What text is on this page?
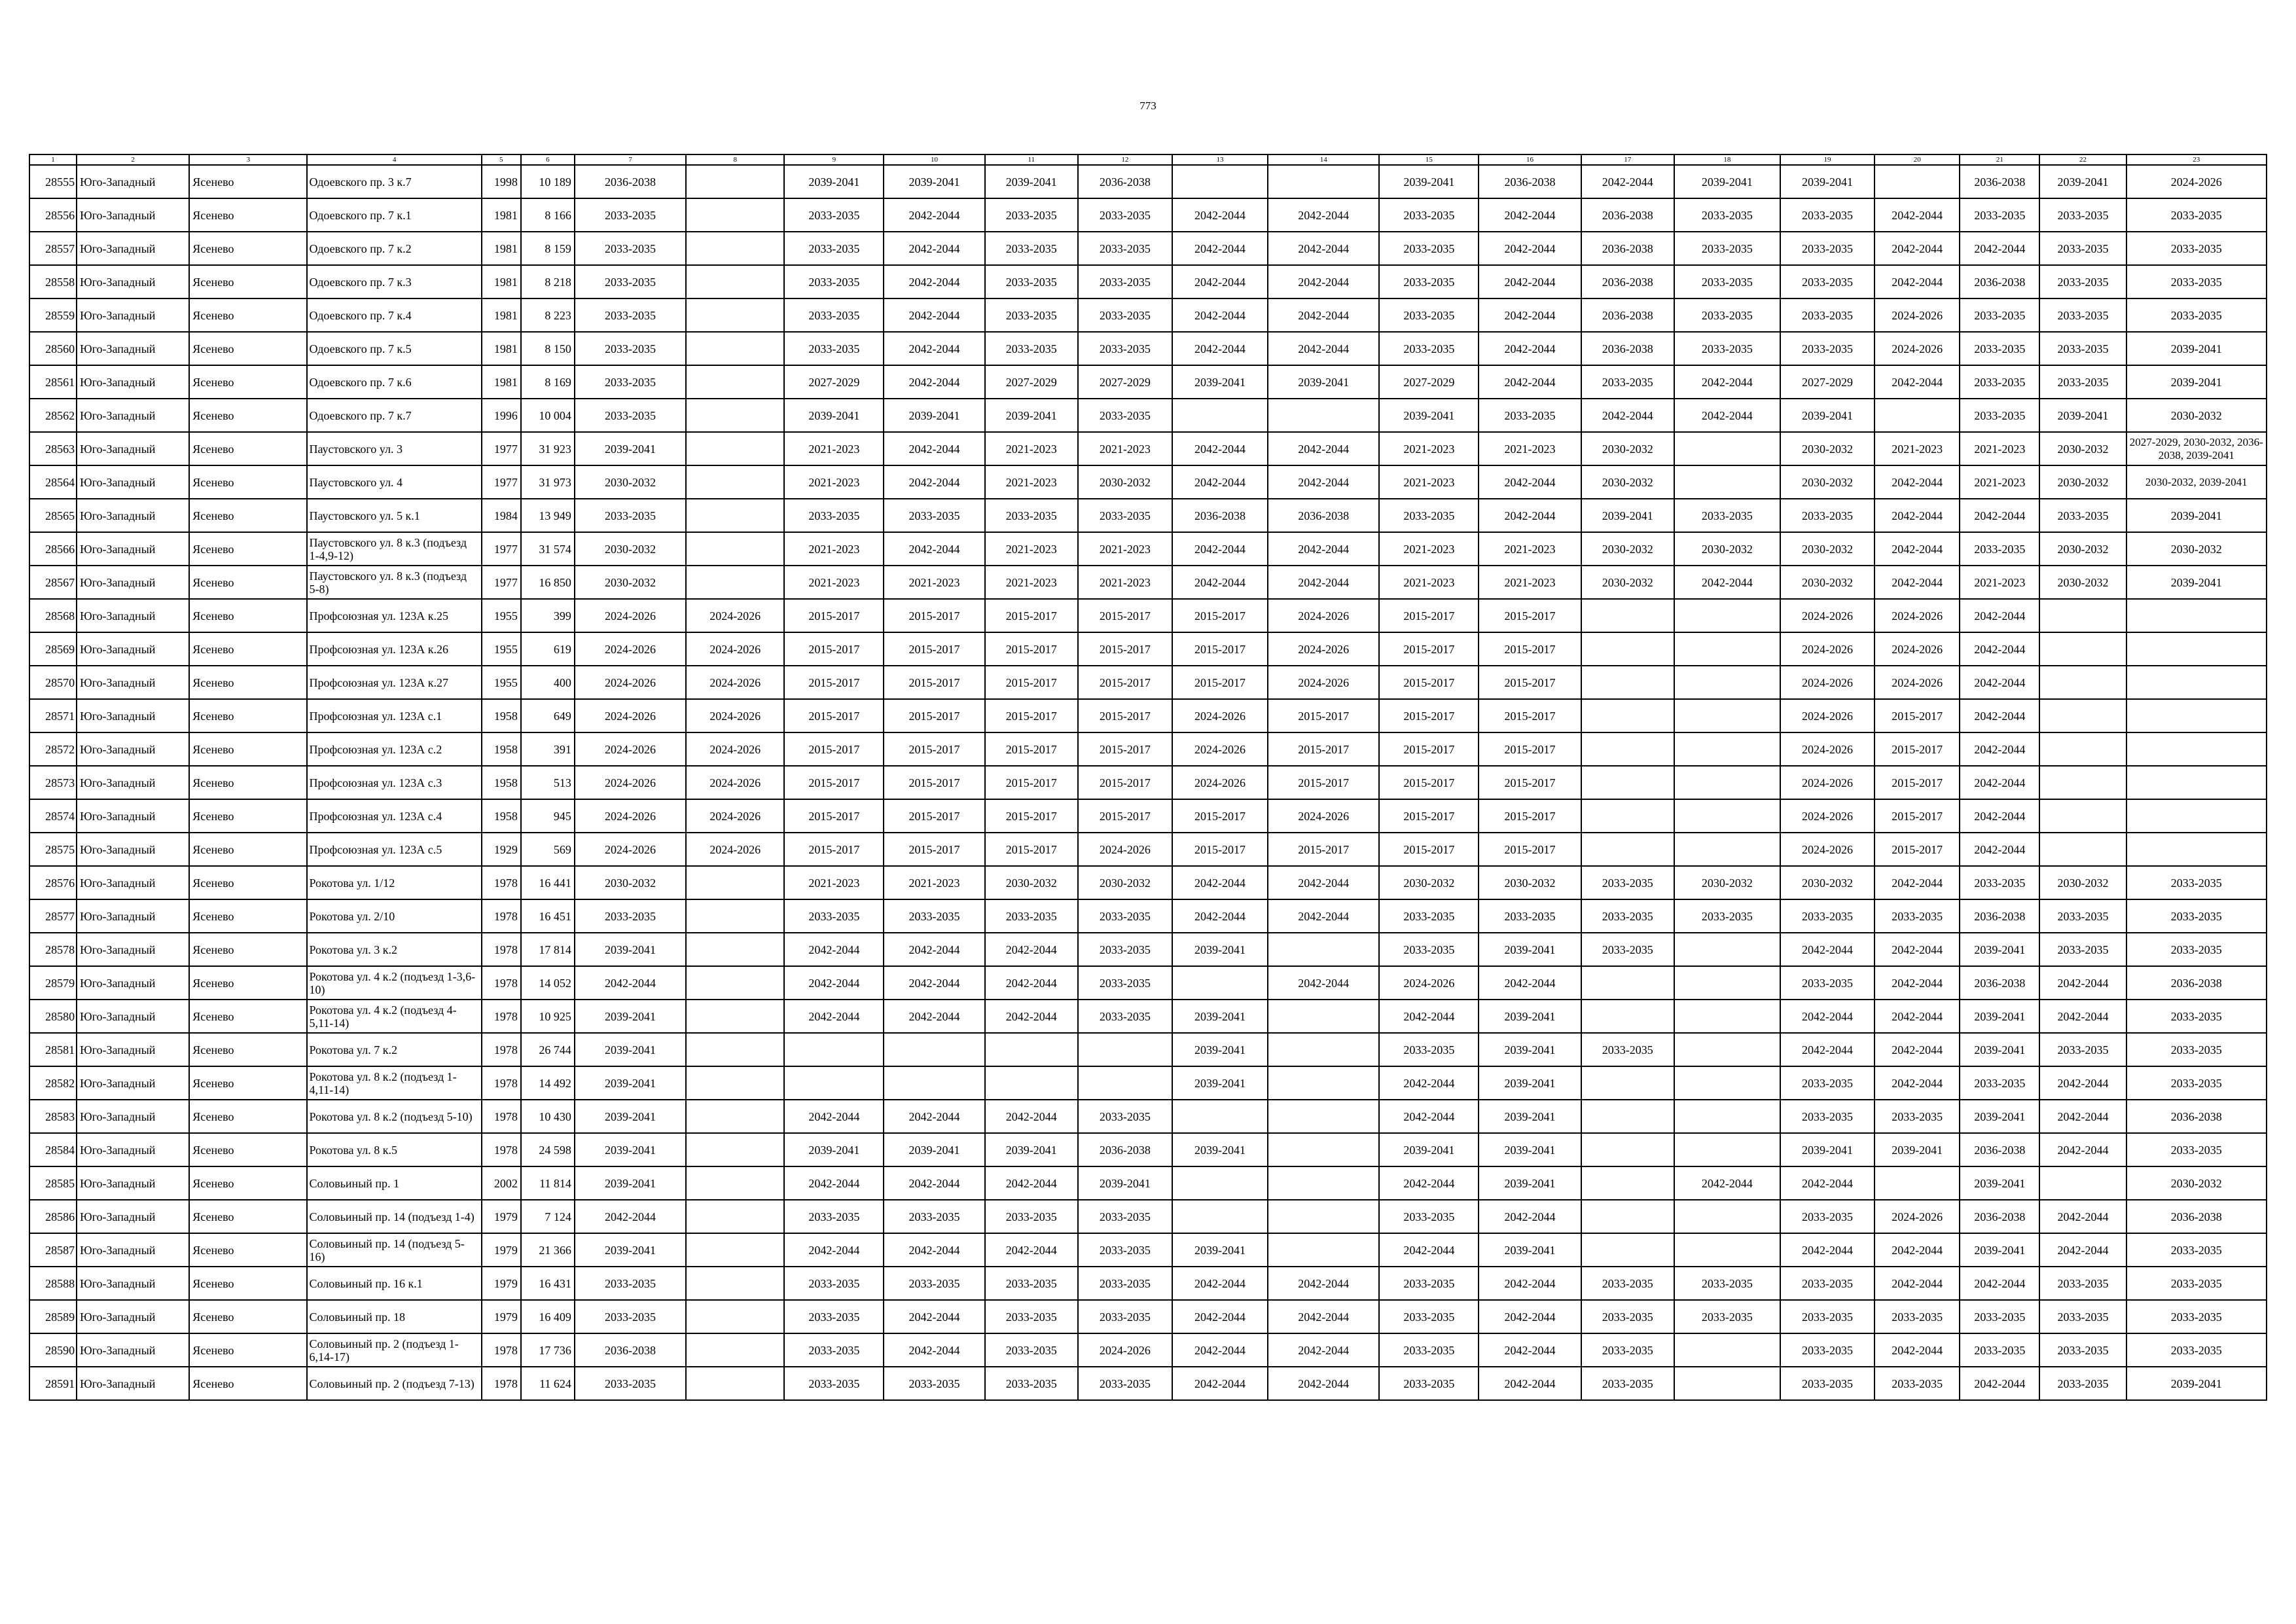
773
1	2	3	4	5	6	7	8	9	10	11	12	13	14	15	16	17	18	19	20	21	22	23
28555	Юго-Западный	Ясенево	Одоевского пр. 3 к.7	1998	10 189	2036-2038		2039-2041	2039-2041	2039-2041	2036-2038			2039-2041	2036-2038	2042-2044	2039-2041	2039-2041		2036-2038	2039-2041	2024-2026
28556	Юго-Западный	Ясенево	Одоевского пр. 7 к.1	1981	8 166	2033-2035		2033-2035	2042-2044	2033-2035	2033-2035	2042-2044	2042-2044	2033-2035	2042-2044	2036-2038	2033-2035	2033-2035	2042-2044	2033-2035	2033-2035	2033-2035
28557	Юго-Западный	Ясенево	Одоевского пр. 7 к.2	1981	8 159	2033-2035		2033-2035	2042-2044	2033-2035	2033-2035	2042-2044	2042-2044	2033-2035	2042-2044	2036-2038	2033-2035	2033-2035	2042-2044	2042-2044	2033-2035	2033-2035
28558	Юго-Западный	Ясенево	Одоевского пр. 7 к.3	1981	8 218	2033-2035		2033-2035	2042-2044	2033-2035	2033-2035	2042-2044	2042-2044	2033-2035	2042-2044	2036-2038	2033-2035	2033-2035	2042-2044	2036-2038	2033-2035	2033-2035
28559	Юго-Западный	Ясенево	Одоевского пр. 7 к.4	1981	8 223	2033-2035		2033-2035	2042-2044	2033-2035	2033-2035	2042-2044	2042-2044	2033-2035	2042-2044	2036-2038	2033-2035	2033-2035	2024-2026	2033-2035	2033-2035	2033-2035
28560	Юго-Западный	Ясенево	Одоевского пр. 7 к.5	1981	8 150	2033-2035		2033-2035	2042-2044	2033-2035	2033-2035	2042-2044	2042-2044	2033-2035	2042-2044	2036-2038	2033-2035	2033-2035	2024-2026	2033-2035	2033-2035	2039-2041
28561	Юго-Западный	Ясенево	Одоевского пр. 7 к.6	1981	8 169	2033-2035		2027-2029	2042-2044	2027-2029	2027-2029	2039-2041	2039-2041	2027-2029	2042-2044	2033-2035	2042-2044	2027-2029	2042-2044	2033-2035	2033-2035	2039-2041
28562	Юго-Западный	Ясенево	Одоевского пр. 7 к.7	1996	10 004	2033-2035		2039-2041	2039-2041	2039-2041	2033-2035			2039-2041	2033-2035	2042-2044	2042-2044	2039-2041		2033-2035	2039-2041	2030-2032
28563	Юго-Западный	Ясенево	Паустовского ул. 3	1977	31 923	2039-2041		2021-2023	2042-2044	2021-2023	2021-2023	2042-2044	2042-2044	2021-2023	2021-2023	2030-2032		2030-2032	2021-2023	2021-2023	2030-2032	2027-2029, 2030-2032, 2036-2038, 2039-2041
28564	Юго-Западный	Ясенево	Паустовского ул. 4	1977	31 973	2030-2032		2021-2023	2042-2044	2021-2023	2030-2032	2042-2044	2042-2044	2021-2023	2042-2044	2030-2032		2030-2032	2042-2044	2021-2023	2030-2032	2030-2032, 2039-2041
28565	Юго-Западный	Ясенево	Паустовского ул. 5 к.1	1984	13 949	2033-2035		2033-2035	2033-2035	2033-2035	2033-2035	2036-2038	2036-2038	2033-2035	2042-2044	2039-2041	2033-2035	2033-2035	2042-2044	2042-2044	2033-2035	2039-2041
28566	Юго-Западный	Ясенево	Паустовского ул. 8 к.3 (подъезд 1-4,9-12)	1977	31 574	2030-2032		2021-2023	2042-2044	2021-2023	2021-2023	2042-2044	2042-2044	2021-2023	2021-2023	2030-2032	2030-2032	2030-2032	2042-2044	2033-2035	2030-2032	2030-2032
28567	Юго-Западный	Ясенево	Паустовского ул. 8 к.3 (подъезд 5-8)	1977	16 850	2030-2032		2021-2023	2021-2023	2021-2023	2021-2023	2042-2044	2042-2044	2021-2023	2021-2023	2030-2032	2042-2044	2030-2032	2042-2044	2021-2023	2030-2032	2039-2041
28568	Юго-Западный	Ясенево	Профсоюзная ул. 123А к.25	1955	399	2024-2026	2024-2026	2015-2017	2015-2017	2015-2017	2015-2017	2015-2017	2024-2026	2015-2017	2015-2017			2024-2026	2024-2026	2042-2044		
28569	Юго-Западный	Ясенево	Профсоюзная ул. 123А к.26	1955	619	2024-2026	2024-2026	2015-2017	2015-2017	2015-2017	2015-2017	2015-2017	2024-2026	2015-2017	2015-2017			2024-2026	2024-2026	2042-2044		
28570	Юго-Западный	Ясенево	Профсоюзная ул. 123А к.27	1955	400	2024-2026	2024-2026	2015-2017	2015-2017	2015-2017	2015-2017	2015-2017	2024-2026	2015-2017	2015-2017			2024-2026	2024-2026	2042-2044		
28571	Юго-Западный	Ясенево	Профсоюзная ул. 123А с.1	1958	649	2024-2026	2024-2026	2015-2017	2015-2017	2015-2017	2015-2017	2024-2026	2015-2017	2015-2017	2015-2017			2024-2026	2015-2017	2042-2044		
28572	Юго-Западный	Ясенево	Профсоюзная ул. 123А с.2	1958	391	2024-2026	2024-2026	2015-2017	2015-2017	2015-2017	2015-2017	2024-2026	2015-2017	2015-2017	2015-2017			2024-2026	2015-2017	2042-2044		
28573	Юго-Западный	Ясенево	Профсоюзная ул. 123А с.3	1958	513	2024-2026	2024-2026	2015-2017	2015-2017	2015-2017	2015-2017	2024-2026	2015-2017	2015-2017	2015-2017			2024-2026	2015-2017	2042-2044		
28574	Юго-Западный	Ясенево	Профсоюзная ул. 123А с.4	1958	945	2024-2026	2024-2026	2015-2017	2015-2017	2015-2017	2015-2017	2015-2017	2024-2026	2015-2017	2015-2017			2024-2026	2015-2017	2042-2044		
28575	Юго-Западный	Ясенево	Профсоюзная ул. 123А с.5	1929	569	2024-2026	2024-2026	2015-2017	2015-2017	2015-2017	2024-2026	2015-2017	2015-2017	2015-2017	2015-2017			2024-2026	2015-2017	2042-2044		
28576	Юго-Западный	Ясенево	Рокотова ул. 1/12	1978	16 441	2030-2032		2021-2023	2021-2023	2030-2032	2030-2032	2042-2044	2042-2044	2030-2032	2030-2032	2033-2035	2030-2032	2030-2032	2042-2044	2033-2035	2030-2032	2033-2035
28577	Юго-Западный	Ясенево	Рокотова ул. 2/10	1978	16 451	2033-2035		2033-2035	2033-2035	2033-2035	2033-2035	2042-2044	2042-2044	2033-2035	2033-2035	2033-2035	2033-2035	2033-2035	2033-2035	2036-2038	2033-2035	2033-2035
28578	Юго-Западный	Ясенево	Рокотова ул. 3 к.2	1978	17 814	2039-2041		2042-2044	2042-2044	2042-2044	2033-2035	2039-2041		2033-2035	2039-2041	2033-2035		2042-2044	2042-2044	2039-2041	2033-2035	2033-2035
28579	Юго-Западный	Ясенево	Рокотова ул. 4 к.2 (подъезд 1-3,6-10)	1978	14 052	2042-2044		2042-2044	2042-2044	2042-2044	2033-2035		2042-2044	2024-2026	2042-2044			2033-2035	2042-2044	2036-2038	2042-2044	2036-2038
28580	Юго-Западный	Ясенево	Рокотова ул. 4 к.2 (подъезд 4-5,11-14)	1978	10 925	2039-2041		2042-2044	2042-2044	2042-2044	2033-2035	2039-2041		2042-2044	2039-2041			2042-2044	2042-2044	2039-2041	2042-2044	2033-2035
28581	Юго-Западный	Ясенево	Рокотова ул. 7 к.2	1978	26 744	2039-2041						2039-2041		2033-2035	2039-2041	2033-2035		2042-2044	2042-2044	2039-2041	2033-2035	2033-2035
28582	Юго-Западный	Ясенево	Рокотова ул. 8 к.2 (подъезд 1-4,11-14)	1978	14 492	2039-2041						2039-2041		2042-2044	2039-2041			2033-2035	2042-2044	2033-2035	2042-2044	2033-2035
28583	Юго-Западный	Ясенево	Рокотова ул. 8 к.2 (подъезд 5-10)	1978	10 430	2039-2041		2042-2044	2042-2044	2042-2044	2033-2035			2042-2044	2039-2041			2033-2035	2033-2035	2039-2041	2042-2044	2036-2038
28584	Юго-Западный	Ясенево	Рокотова ул. 8 к.5	1978	24 598	2039-2041		2039-2041	2039-2041	2039-2041	2036-2038	2039-2041		2039-2041	2039-2041			2039-2041	2039-2041	2036-2038	2042-2044	2033-2035
28585	Юго-Западный	Ясенево	Соловьиный пр. 1	2002	11 814	2039-2041		2042-2044	2042-2044	2042-2044	2039-2041			2042-2044	2039-2041		2042-2044	2042-2044		2039-2041		2030-2032
28586	Юго-Западный	Ясенево	Соловьиный пр. 14 (подъезд 1-4)	1979	7 124	2042-2044		2033-2035	2033-2035	2033-2035	2033-2035			2033-2035	2042-2044			2033-2035	2024-2026	2036-2038	2042-2044	2036-2038
28587	Юго-Западный	Ясенево	Соловьиный пр. 14 (подъезд 5-16)	1979	21 366	2039-2041		2042-2044	2042-2044	2042-2044	2033-2035	2039-2041		2042-2044	2039-2041			2042-2044	2042-2044	2039-2041	2042-2044	2033-2035
28588	Юго-Западный	Ясенево	Соловьиный пр. 16 к.1	1979	16 431	2033-2035		2033-2035	2033-2035	2033-2035	2033-2035	2042-2044	2042-2044	2033-2035	2042-2044	2033-2035	2033-2035	2033-2035	2042-2044	2042-2044	2033-2035	2033-2035
28589	Юго-Западный	Ясенево	Соловьиный пр. 18	1979	16 409	2033-2035		2033-2035	2042-2044	2033-2035	2033-2035	2042-2044	2042-2044	2033-2035	2042-2044	2033-2035	2033-2035	2033-2035	2033-2035	2033-2035	2033-2035	2033-2035
28590	Юго-Западный	Ясенево	Соловьиный пр. 2 (подъезд 1-6,14-17)	1978	17 736	2036-2038		2033-2035	2042-2044	2033-2035	2024-2026	2042-2044	2042-2044	2033-2035	2042-2044	2033-2035		2033-2035	2042-2044	2033-2035	2033-2035	2033-2035
28591	Юго-Западный	Ясенево	Соловьиный пр. 2 (подъезд 7-13)	1978	11 624	2033-2035		2033-2035	2033-2035	2033-2035	2033-2035	2042-2044	2042-2044	2033-2035	2042-2044	2033-2035		2033-2035	2033-2035	2042-2044	2033-2035	2039-2041
